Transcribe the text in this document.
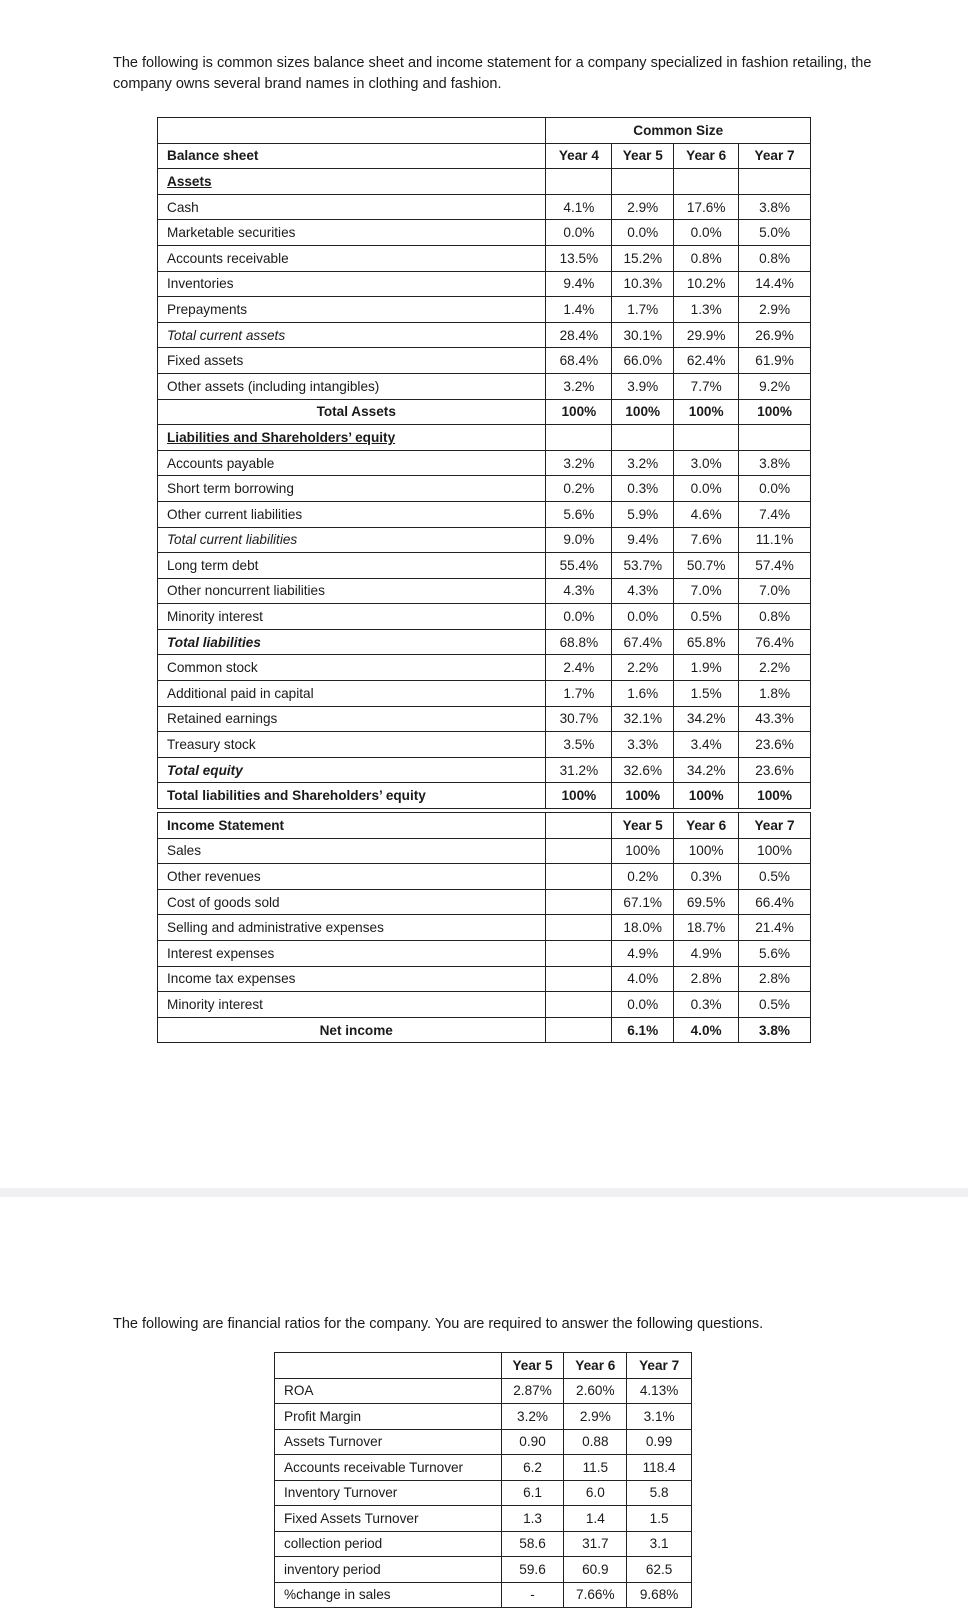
The following is common sizes balance sheet and income statement for a company specialized in fashion retailing, the company owns several brand names in clothing and fashion.

	Common Size			
Balance sheet	Year 4	Year 5	Year 6	Year 7
Assets				
Cash	4.1%	2.9%	17.6%	3.8%
Marketable securities	0.0%	0.0%	0.0%	5.0%
Accounts receivable	13.5%	15.2%	0.8%	0.8%
Inventories	9.4%	10.3%	10.2%	14.4%
Prepayments	1.4%	1.7%	1.3%	2.9%
Total current assets	28.4%	30.1%	29.9%	26.9%
Fixed assets	68.4%	66.0%	62.4%	61.9%
Other assets (including intangibles)	3.2%	3.9%	7.7%	9.2%
Total Assets	100%	100%	100%	100%
Liabilities and Shareholders’ equity				
Accounts payable	3.2%	3.2%	3.0%	3.8%
Short term borrowing	0.2%	0.3%	0.0%	0.0%
Other current liabilities	5.6%	5.9%	4.6%	7.4%
Total current liabilities	9.0%	9.4%	7.6%	11.1%
Long term debt	55.4%	53.7%	50.7%	57.4%
Other noncurrent liabilities	4.3%	4.3%	7.0%	7.0%
Minority interest	0.0%	0.0%	0.5%	0.8%
Total liabilities	68.8%	67.4%	65.8%	76.4%
Common stock	2.4%	2.2%	1.9%	2.2%
Additional paid in capital	1.7%	1.6%	1.5%	1.8%
Retained earnings	30.7%	32.1%	34.2%	43.3%
Treasury stock	3.5%	3.3%	3.4%	23.6%
Total equity	31.2%	32.6%	34.2%	23.6%
Total liabilities and Shareholders’ equity	100%	100%	100%	100%
Income Statement		Year 5	Year 6	Year 7
Sales		100%	100%	100%
Other revenues		0.2%	0.3%	0.5%
Cost of goods sold		67.1%	69.5%	66.4%
Selling and administrative expenses		18.0%	18.7%	21.4%
Interest expenses		4.9%	4.9%	5.6%
Income tax expenses		4.0%	2.8%	2.8%
Minority interest		0.0%	0.3%	0.5%
Net income		6.1%	4.0%	3.8%

The following are financial ratios for the company. You are required to answer the following questions.

	Year 5	Year 6	Year 7
ROA	2.87%	2.60%	4.13%
Profit Margin	3.2%	2.9%	3.1%
Assets Turnover	0.90	0.88	0.99
Accounts receivable Turnover	6.2	11.5	118.4
Inventory Turnover	6.1	6.0	5.8
Fixed Assets Turnover	1.3	1.4	1.5
collection period	58.6	31.7	3.1
inventory period	59.6	60.9	62.5
%change in sales	-	7.66%	9.68%
